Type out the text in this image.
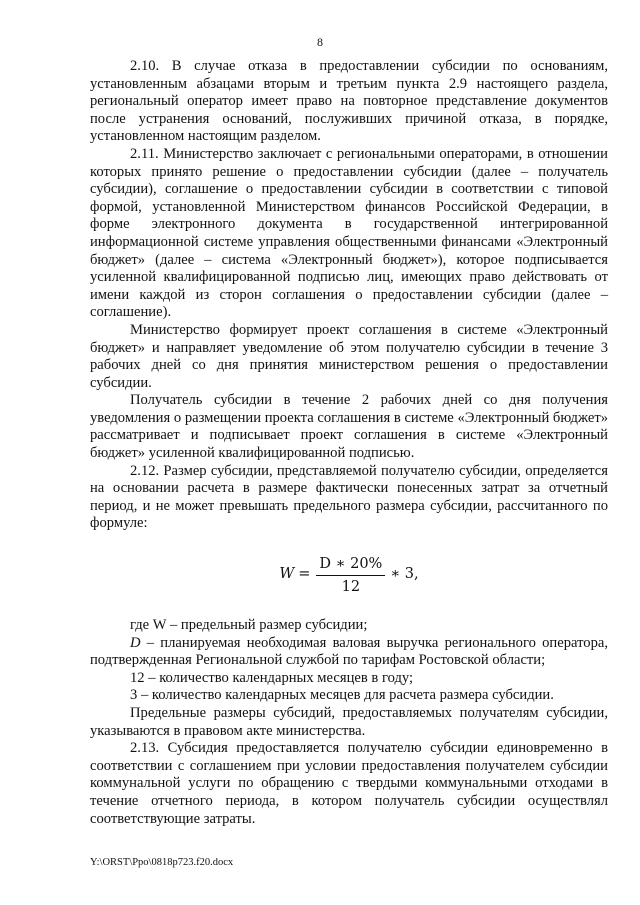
8

2.10. В случае отказа в предоставлении субсидии по основаниям, установленным абзацами вторым и третьим пункта 2.9 настоящего раздела, региональный оператор имеет право на повторное представление документов после устранения оснований, послуживших причиной отказа, в порядке, установленном настоящим разделом.

2.11. Министерство заключает с региональными операторами, в отношении которых принято решение о предоставлении субсидии (далее – получатель субсидии), соглашение о предоставлении субсидии в соответствии с типовой формой, установленной Министерством финансов Российской Федерации, в форме электронного документа в государственной интегрированной информационной системе управления общественными финансами «Электронный бюджет» (далее – система «Электронный бюджет»), которое подписывается усиленной квалифицированной подписью лиц, имеющих право действовать от имени каждой из сторон соглашения о предоставлении субсидии (далее – соглашение).

Министерство формирует проект соглашения в системе «Электронный бюджет» и направляет уведомление об этом получателю субсидии в течение 3 рабочих дней со дня принятия министерством решения о предоставлении субсидии.

Получатель субсидии в течение 2 рабочих дней со дня получения уведомления о размещении проекта соглашения в системе «Электронный бюджет» рассматривает и подписывает проект соглашения в системе «Электронный бюджет» усиленной квалифицированной подписью.

2.12. Размер субсидии, представляемой получателю субсидии, определяется на основании расчета в размере фактически понесенных затрат за отчетный период, и не может превышать предельного размера субсидии, рассчитанного по формуле:

$W = \frac{D ∗ 20\%}{12}$ ∗ 3,

где W – предельный размер субсидии;

D – планируемая необходимая валовая выручка регионального оператора, подтвержденная Региональной службой по тарифам Ростовской области;

12 – количество календарных месяцев в году;

3 – количество календарных месяцев для расчета размера субсидии.

Предельные размеры субсидий, предоставляемых получателям субсидии, указываются в правовом акте министерства.

2.13. Субсидия предоставляется получателю субсидии единовременно в соответствии с соглашением при условии предоставления получателем субсидии коммунальной услуги по обращению с твердыми коммунальными отходами в течение отчетного периода, в котором получатель субсидии осуществлял соответствующие затраты.

Y:\ORST\Ppo\0818p723.f20.docx
